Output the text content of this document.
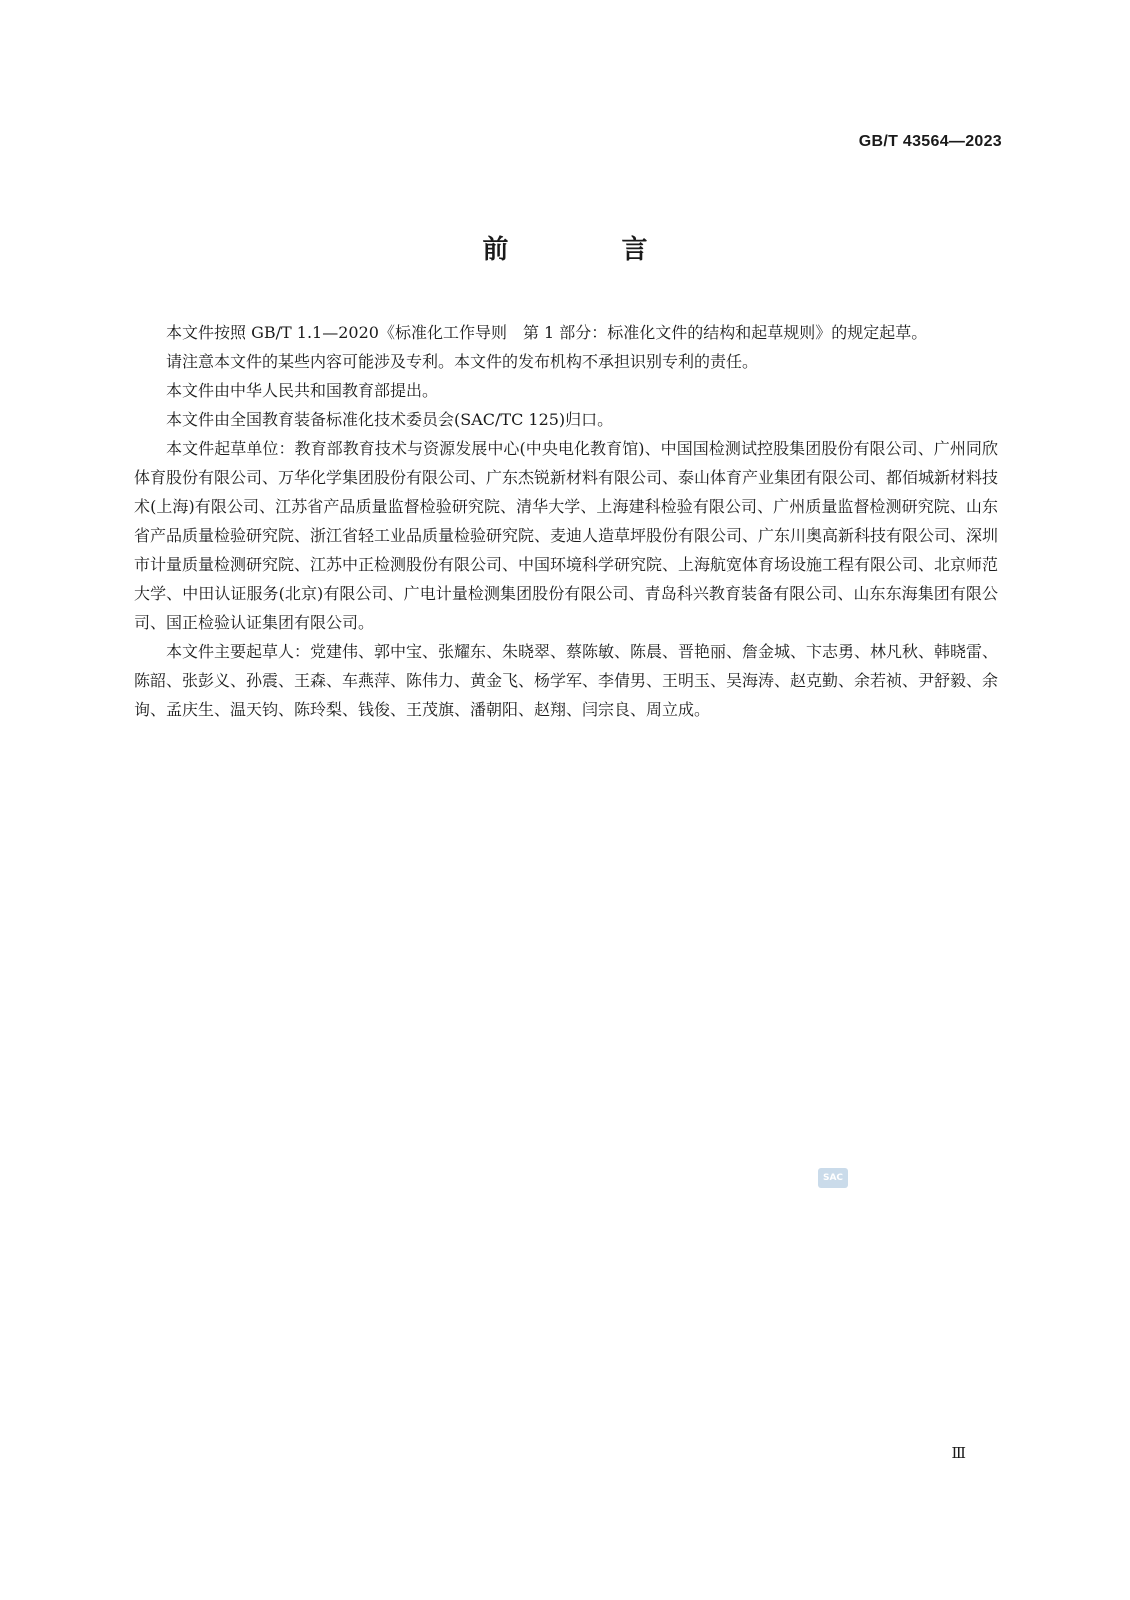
GB/T 43564—2023
前 言

本文件按照 GB/T 1.1—2020《标准化工作导则　第 1 部分：标准化文件的结构和起草规则》的规定起草。

请注意本文件的某些内容可能涉及专利。本文件的发布机构不承担识别专利的责任。

本文件由中华人民共和国教育部提出。

本文件由全国教育装备标准化技术委员会(SAC/TC 125)归口。

本文件起草单位：教育部教育技术与资源发展中心(中央电化教育馆)、中国国检测试控股集团股份有限公司、广州同欣体育股份有限公司、万华化学集团股份有限公司、广东杰锐新材料有限公司、泰山体育产业集团有限公司、都佰城新材料技术(上海)有限公司、江苏省产品质量监督检验研究院、清华大学、上海建科检验有限公司、广州质量监督检测研究院、山东省产品质量检验研究院、浙江省轻工业品质量检验研究院、麦迪人造草坪股份有限公司、广东川奥高新科技有限公司、深圳市计量质量检测研究院、江苏中正检测股份有限公司、中国环境科学研究院、上海航宽体育场设施工程有限公司、北京师范大学、中田认证服务(北京)有限公司、广电计量检测集团股份有限公司、青岛科兴教育装备有限公司、山东东海集团有限公司、国正检验认证集团有限公司。

本文件主要起草人：党建伟、郭中宝、张耀东、朱晓翠、蔡陈敏、陈晨、晋艳丽、詹金城、卞志勇、林凡秋、韩晓雷、陈韶、张彭义、孙震、王森、车燕萍、陈伟力、黄金飞、杨学军、李倩男、王明玉、吴海涛、赵克勤、余若祯、尹舒毅、余询、孟庆生、温天钧、陈玲梨、钱俊、王茂旗、潘朝阳、赵翔、闫宗良、周立成。

SAC
Ⅲ
